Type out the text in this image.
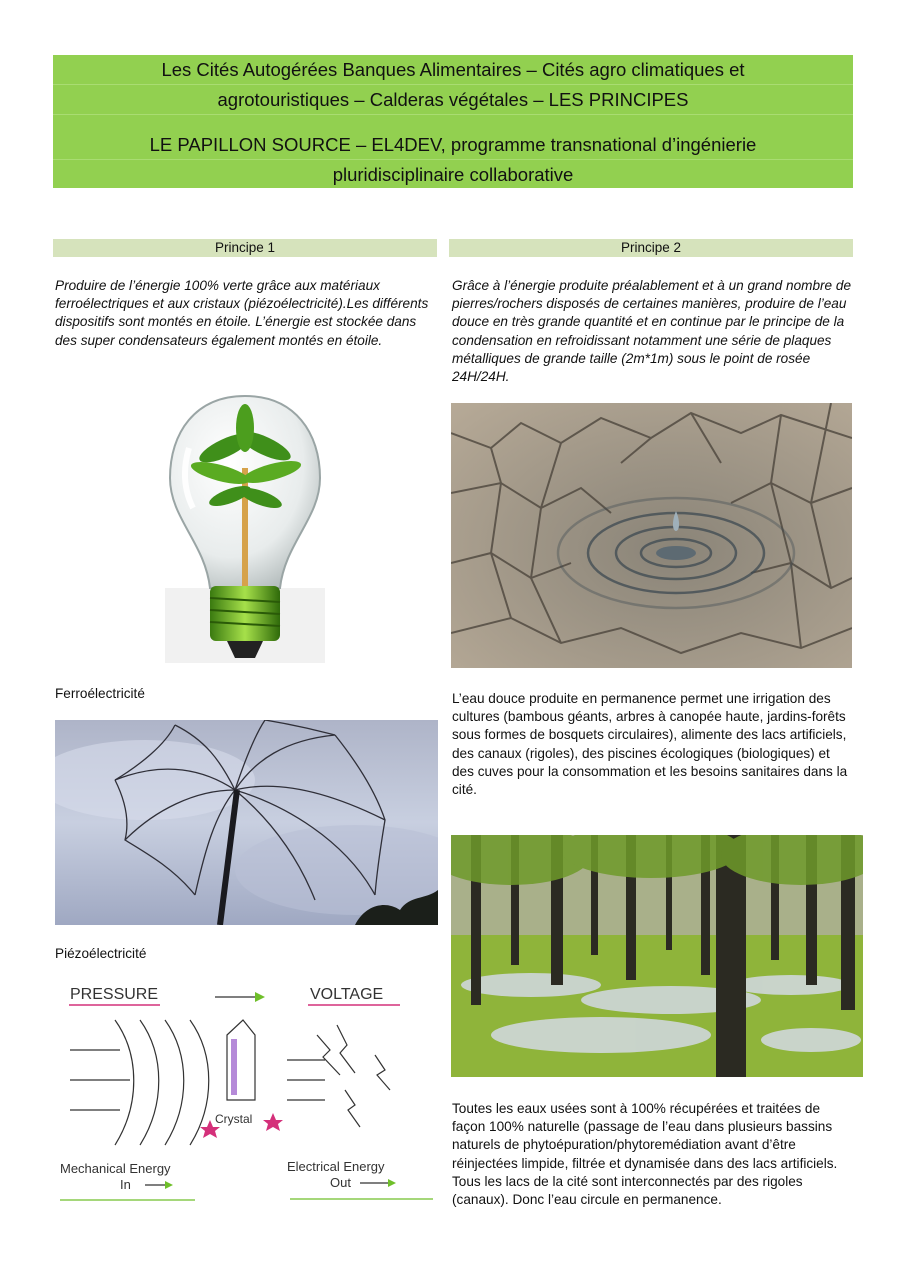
Les Cités Autogérées Banques Alimentaires – Cités agro climatiques et
agrotouristiques – Calderas végétales – LES PRINCIPES
LE PAPILLON SOURCE – EL4DEV, programme transnational d’ingénierie
pluridisciplinaire collaborative
Principe 1	Principe 2

Produire de l’énergie 100% verte grâce aux matériaux ferroélectriques et aux cristaux (piézoélectricité).Les différents dispositifs sont montés en étoile. L’énergie est stockée dans des super condensateurs également montés en étoile.

Grâce à l’énergie produite préalablement et à un grand nombre de pierres/rochers disposés de certaines manières, produire de l’eau douce en très grande quantité et en continue par le principe de la condensation en refroidissant notamment une série de plaques métalliques de grande taille (2m*1m) sous le point de rosée 24H/24H.

Ferroélectricité	L’eau douce produite en permanence permet une irrigation des cultures (bambous géants, arbres à canopée haute, jardins-forêts sous formes de bosquets circulaires), alimente des lacs artificiels, des canaux (rigoles), des piscines écologiques (biologiques) et des cuves pour la consommation et les besoins sanitaires dans la cité.

Piézoélectricité
PRESSURE	VOLTAGE
Crystal
Mechanical Energy
In
Electrical Energy
Out

Toutes les eaux usées sont à 100% récupérées et traitées de façon 100% naturelle (passage de l’eau dans plusieurs bassins naturels de phytoépuration/phytoremédiation avant d’être réinjectées limpide, filtrée et dynamisée dans des lacs artificiels. Tous les lacs de la cité sont interconnectés par des rigoles (canaux). Donc l’eau circule en permanence.
